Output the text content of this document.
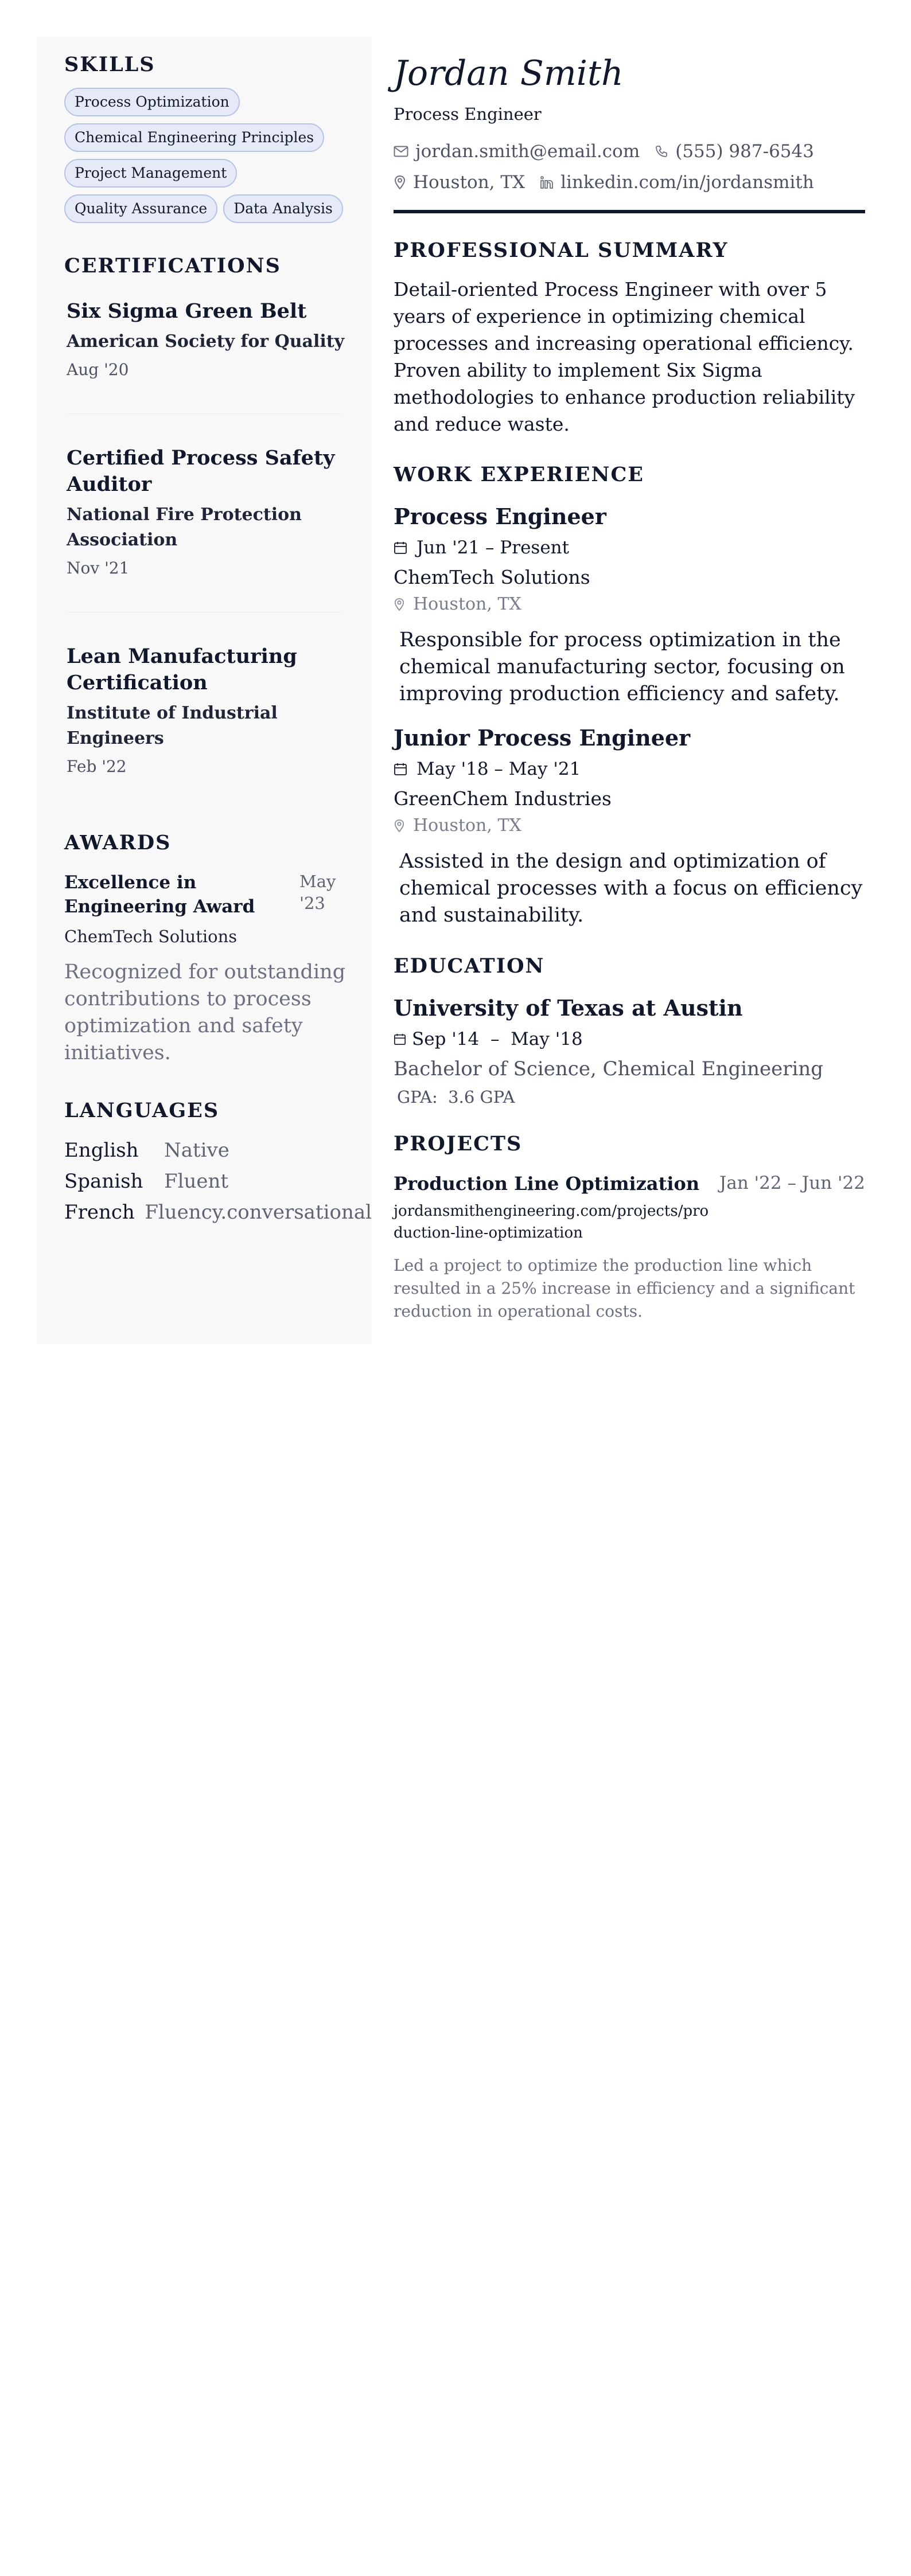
SKILLS
Process Optimization
Chemical Engineering Principles
Project Management
Quality Assurance	Data Analysis
CERTIFICATIONS
Six Sigma Green Belt
American Society for Quality
Aug '20
Certified Process Safety Auditor
National Fire Protection Association
Nov '21
Lean Manufacturing Certification
Institute of Industrial Engineers
Feb '22
AWARDS
Excellence in Engineering Award
May '23
ChemTech Solutions
Recognized for outstanding contributions to process optimization and safety initiatives.
LANGUAGES
English	Native
Spanish	Fluent
French Fluency.conversational
Jordan Smith
Process Engineer
jordan.smith@email.com (555) 987-6543
Houston, TX linkedin.com/in/jordansmith
PROFESSIONAL SUMMARY
Detail-oriented Process Engineer with over 5 years of experience in optimizing chemical processes and increasing operational efficiency. Proven ability to implement Six Sigma methodologies to enhance production reliability and reduce waste.
WORK EXPERIENCE
Process Engineer
Jun '21 – Present
ChemTech Solutions
Houston, TX
Responsible for process optimization in the chemical manufacturing sector, focusing on improving production efficiency and safety.
Junior Process Engineer
May '18 – May '21
GreenChem Industries
Houston, TX
Assisted in the design and optimization of chemical processes with a focus on efficiency and sustainability.
EDUCATION
University of Texas at Austin
Sep '14  –  May '18
Bachelor of Science, Chemical Engineering
GPA:  3.6 GPA
PROJECTS
Production Line Optimization Jan '22 – Jun '22
jordansmithengineering.com/projects/production-line-optimization
Led a project to optimize the production line which resulted in a 25% increase in efficiency and a significant reduction in operational costs.
